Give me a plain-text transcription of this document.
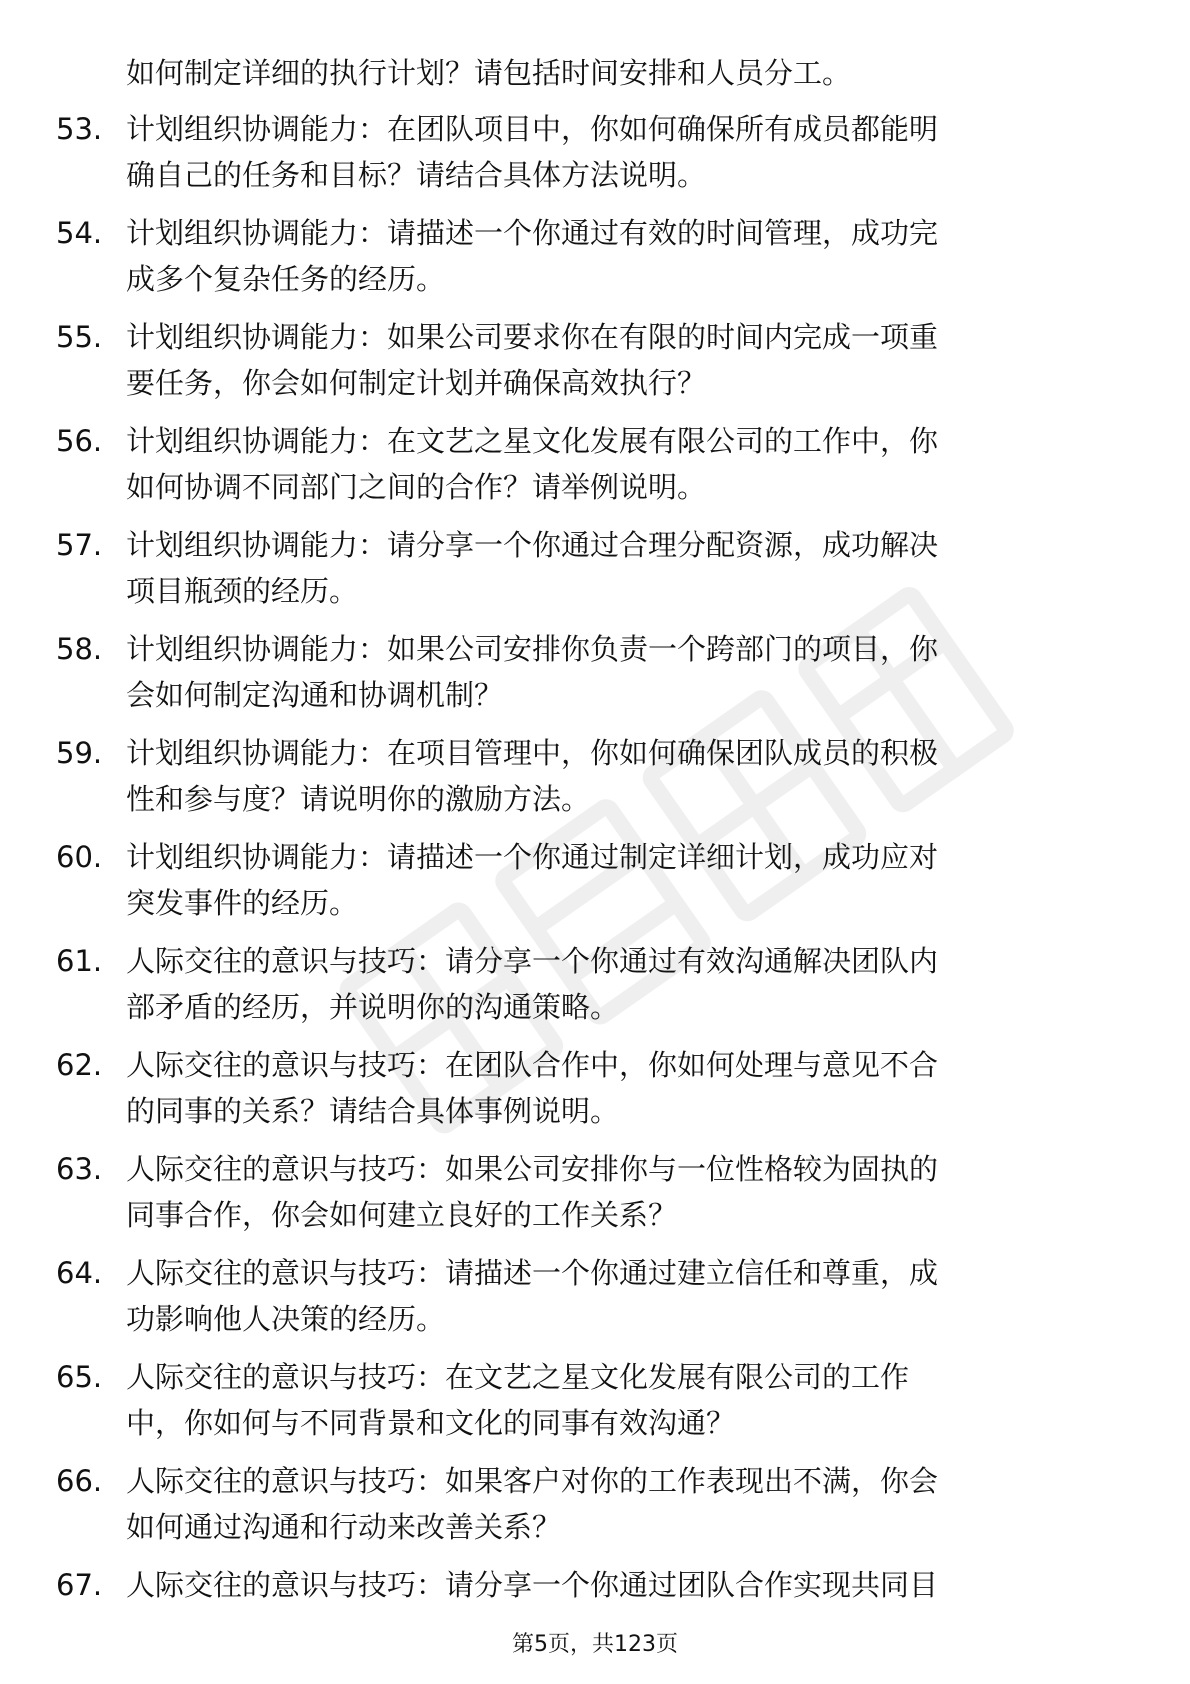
如何制定详细的执行计划？请包括时间安排和人员分工。
53. 计划组织协调能力：在团队项目中，你如何确保所有成员都能明
确自己的任务和目标？请结合具体方法说明。
54. 计划组织协调能力：请描述一个你通过有效的时间管理，成功完
成多个复杂任务的经历。
55. 计划组织协调能力：如果公司要求你在有限的时间内完成一项重
要任务，你会如何制定计划并确保高效执行？
56. 计划组织协调能力：在文艺之星文化发展有限公司的工作中，你
如何协调不同部门之间的合作？请举例说明。
57. 计划组织协调能力：请分享一个你通过合理分配资源，成功解决
项目瓶颈的经历。
58. 计划组织协调能力：如果公司安排你负责一个跨部门的项目，你
会如何制定沟通和协调机制？
59. 计划组织协调能力：在项目管理中，你如何确保团队成员的积极
性和参与度？请说明你的激励方法。
60. 计划组织协调能力：请描述一个你通过制定详细计划，成功应对
突发事件的经历。
61. 人际交往的意识与技巧：请分享一个你通过有效沟通解决团队内
部矛盾的经历，并说明你的沟通策略。
62. 人际交往的意识与技巧：在团队合作中，你如何处理与意见不合
的同事的关系？请结合具体事例说明。
63. 人际交往的意识与技巧：如果公司安排你与一位性格较为固执的
同事合作，你会如何建立良好的工作关系？
64. 人际交往的意识与技巧：请描述一个你通过建立信任和尊重，成
功影响他人决策的经历。
65. 人际交往的意识与技巧：在文艺之星文化发展有限公司的工作
中，你如何与不同背景和文化的同事有效沟通？
66. 人际交往的意识与技巧：如果客户对你的工作表现出不满，你会
如何通过沟通和行动来改善关系？
67. 人际交往的意识与技巧：请分享一个你通过团队合作实现共同目
第5页，共123页
